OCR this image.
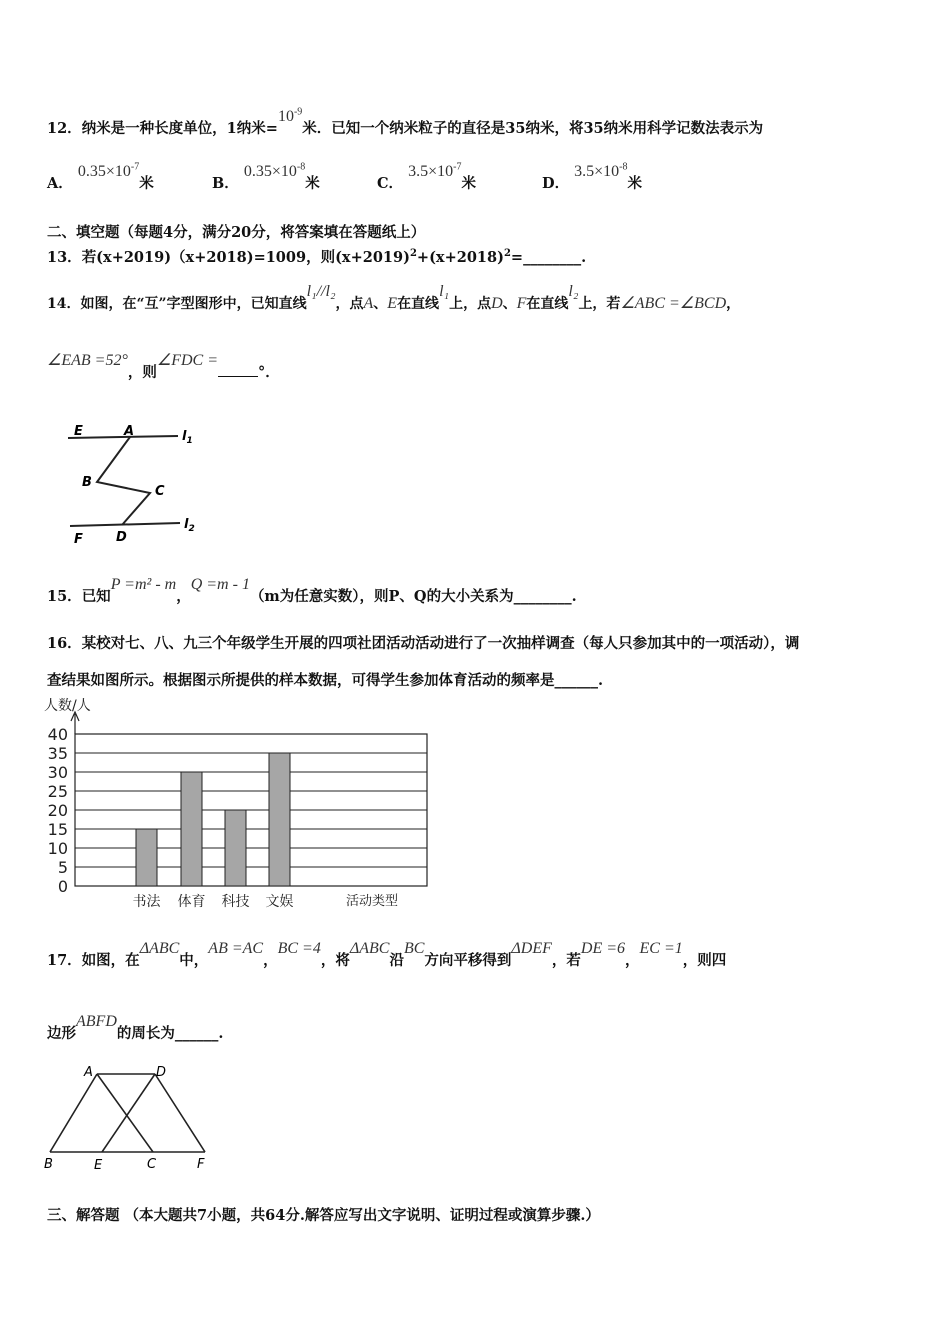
12．纳米是一种长度单位，1纳米$=10^{-9}$米．已知一个纳米粒子的直径是35纳米，将35纳米用科学记数法表示为
A． $0.35\times 10^{-7}$米	B． $0.35\times 10^{-8}$米	C． $3.5\times 10^{-7}$米	D． $3.5\times 10^{-8}$米
二、填空题（每题4分，满分20分，将答案填在答题纸上）
13．若(x+2019)（x+2018)=1009，则$(x+2019)^2+(x+2018)^2=\_\_\_\_\_\_\_\_$.
14．如图，在“互”字型图形中，已知直线l₁//l₂，点A、E在直线l₁上，点D、F在直线l₂上，若∠ABC =∠BCD，
∠EAB =52°，则∠FDC =°．
E	A	$l_1$
B
C
F	D
$l_2$
15．已知P =m² - m，Q =m - 1（m为任意实数），则P、Q的大小关系为________.
16．某校对七、八、九三个年级学生开展的四项社团活动活动进行了一次抽样调查（每人只参加其中的一项活动），调
查结果如图所示。根据图示所提供的样本数据，可得学生参加体育活动的频率是______.
0
5
10
15
20
25
30
35
40
人数/人
书法 体育 科技 文娱	活动类型
17．如图，在ΔABC中，AB =AC，BC =4，将ΔABC沿BC方向平移得到ΔDEF，若DE =6，EC =1，则四
边形ABFD的周长为______.
A	D
B	E	C	F
三、解答题 （本大题共7小题，共64分.解答应写出文字说明、证明过程或演算步骤.）
